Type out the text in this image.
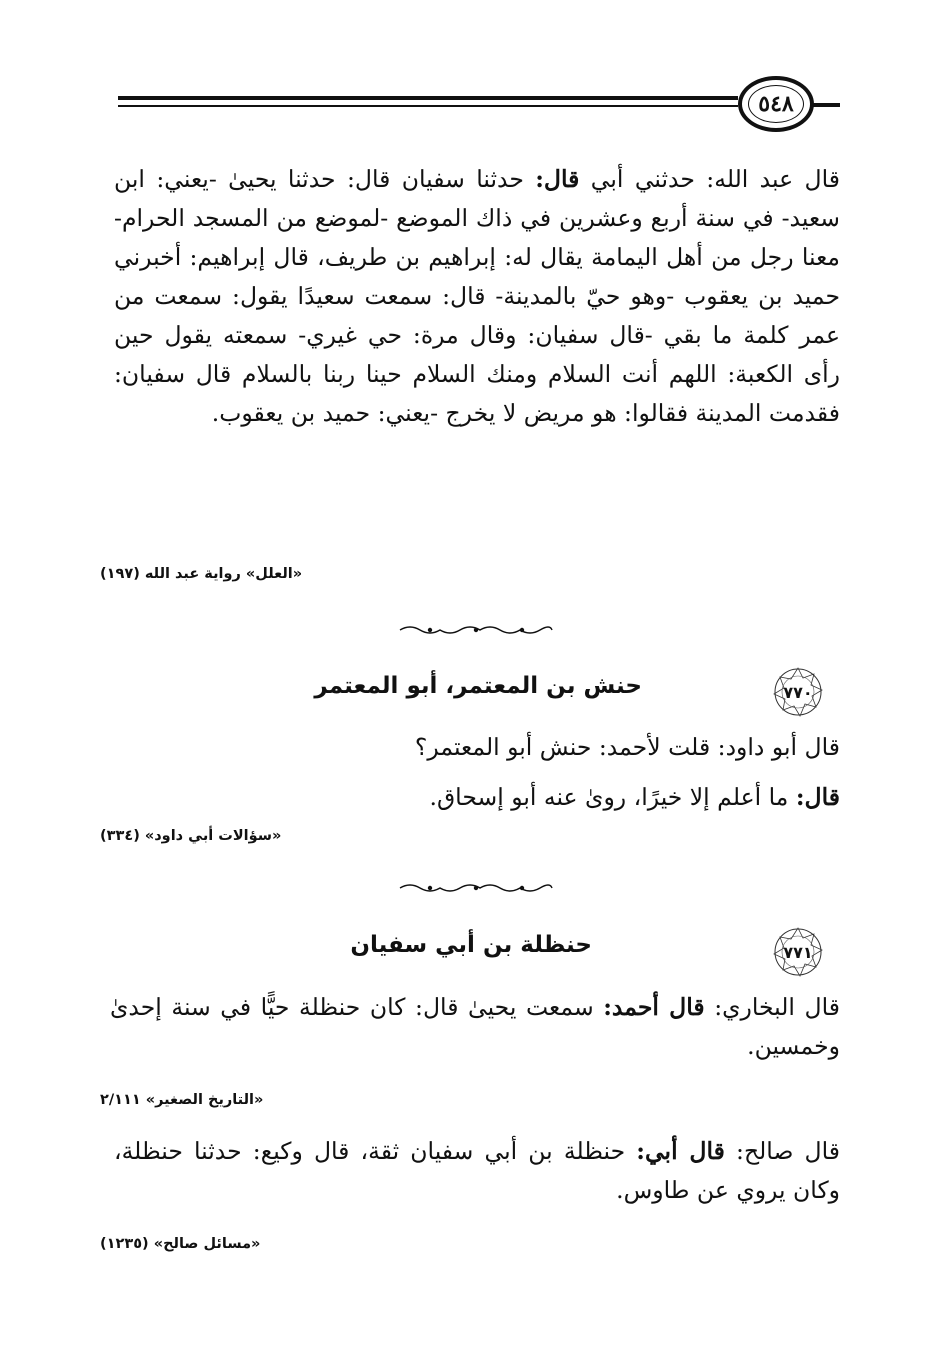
٥٤٨
قال عبد الله: حدثني أبي قال: حدثنا سفيان قال: حدثنا يحيىٰ -يعني: ابن سعيد- في سنة أربع وعشرين في ذاك الموضع -لموضع من المسجد الحرام- معنا رجل من أهل اليمامة يقال له: إبراهيم بن طريف، قال إبراهيم: أخبرني حميد بن يعقوب -وهو حيّ بالمدينة- قال: سمعت سعيدًا يقول: سمعت من عمر كلمة ما بقي -قال سفيان: وقال مرة: حي غيري- سمعته يقول حين رأى الكعبة: اللهم أنت السلام ومنك السلام حينا ربنا بالسلام قال سفيان: فقدمت المدينة فقالوا: هو مريض لا يخرج -يعني: حميد بن يعقوب.
«العلل» رواية عبد الله (١٩٧)
٧٧٠
حنش بن المعتمر، أبو المعتمر
قال أبو داود: قلت لأحمد: حنش أبو المعتمر؟
قال: ما أعلم إلا خيرًا، روىٰ عنه أبو إسحاق.
«سؤالات أبي داود» (٣٣٤)
٧٧١
حنظلة بن أبي سفيان
قال البخاري: قال أحمد: سمعت يحيىٰ قال: كان حنظلة حيًّا في سنة إحدىٰ وخمسين.
«التاريخ الصغير» ٢/١١١
قال صالح: قال أبي: حنظلة بن أبي سفيان ثقة، قال وكيع: حدثنا حنظلة، وكان يروي عن طاوس.
«مسائل صالح» (١٢٣٥)
